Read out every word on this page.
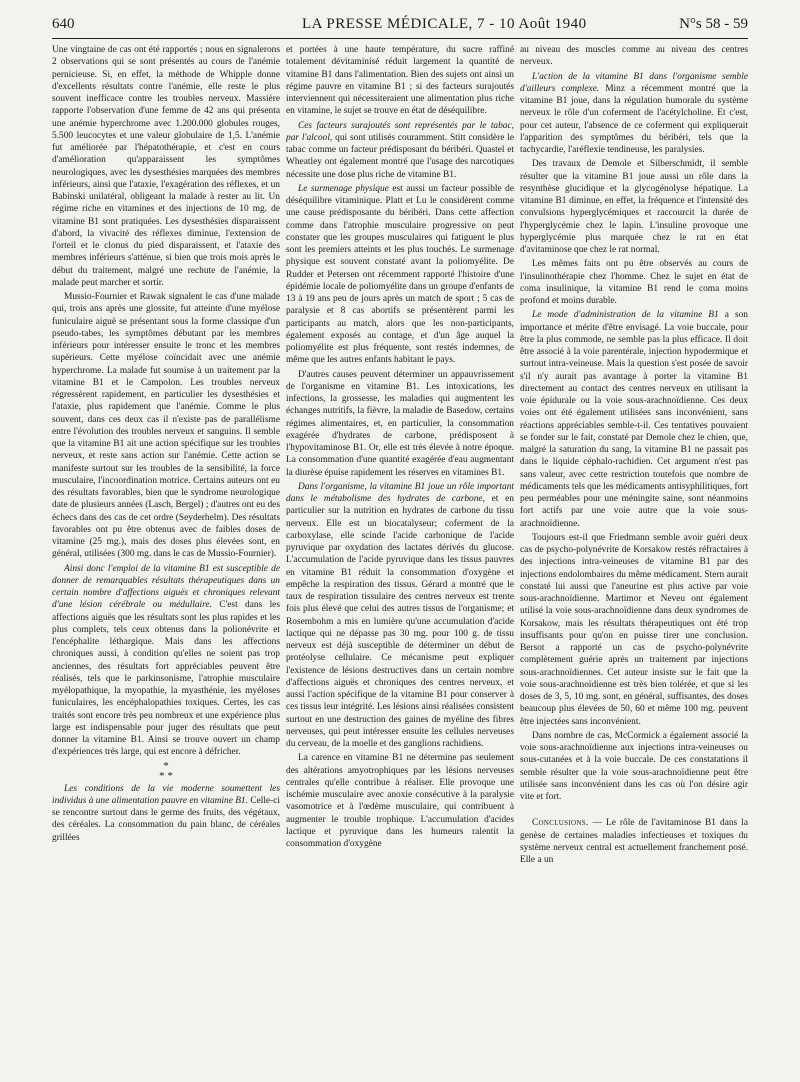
640	LA PRESSE MÉDICALE, 7 - 10 Août 1940	N°s 58 - 59

Une vingtaine de cas ont été rapportés ; nous en signalerons 2 observations qui se sont présentés au cours de l'anémie pernicieuse. Si, en effet, la méthode de Whipple donne d'excellents résultats contre l'anémie, elle reste le plus souvent inefficace contre les troubles nerveux. Massière rapporte l'observation d'une femme de 42 ans qui présenta une anémie hyperchrome avec 1.200.000 globules rouges, 5.500 leucocytes et une valeur globulaire de 1,5. L'anémie fut améliorée par l'hépatothérapie, et c'est en cours d'amélioration qu'apparaissent les symptômes neurologiques, avec les dysesthésies marquées des membres inférieurs, ainsi que l'ataxie, l'exagération des réflexes, et un Babinski unilatéral, obligeant la malade à rester au lit. Un régime riche en vitamines et des injections de 10 mg. de vitamine B1 sont pratiquées. Les dysesthésies disparaissent d'abord, la vivacité des réflexes diminue, l'extension de l'orteil et le clonus du pied disparaissent, et l'ataxie des membres inférieurs s'atténue, si bien que trois mois après le début du traitement, malgré une rechute de l'anémie, la malade peut marcher et sortir.

Mussio-Fournier et Rawak signalent le cas d'une malade qui, trois ans après une glossite, fut atteinte d'une myélose funiculaire aiguë se présentant sous la forme classique d'un pseudo-tabes, les symptômes débutant par les membres inférieurs pour intéresser ensuite le tronc et les membres supérieurs. Cette myélose coïncidait avec une anémie hyperchrome. La malade fut soumise à un traitement par la vitamine B1 et le Campolon. Les troubles nerveux régressèrent rapidement, en particulier les dysesthésies et l'ataxie, plus rapidement que l'anémie. Comme le plus souvent, dans ces deux cas il n'existe pas de parallélisme entre l'évolution des troubles nerveux et sanguins. Il semble que la vitamine B1 ait une action spécifique sur les troubles nerveux, et reste sans action sur l'anémie. Cette action se manifeste surtout sur les troubles de la sensibilité, la force musculaire, l'incoordination motrice. Certains auteurs ont eu des résultats favorables, bien que le syndrome neurologique date de plusieurs années (Lasch, Bergel) ; d'autres ont eu des échecs dans des cas de cet ordre (Seyderhelm). Des résultats favorables ont pu être obtenus avec de faibles doses de vitamine (25 mg.), mais des doses plus élevées sont, en général, utilisées (300 mg. dans le cas de Mussio-Fournier).

Ainsi donc l'emploi de la vitamine B1 est susceptible de donner de remarquables résultats thérapeutiques dans un certain nombre d'affections aiguës et chroniques relevant d'une lésion cérébrale ou médullaire. C'est dans les affections aiguës que les résultats sont les plus rapides et les plus complets, tels ceux obtenus dans la polionévrite et l'encéphalite léthargique. Mais dans les affections chroniques aussi, à condition qu'elles ne soient pas trop anciennes, des résultats fort appréciables peuvent être réalisés, tels que le parkinsonisme, l'atrophie musculaire myélopathique, la myopathie, la myasthénie, les myéloses funiculaires, les encéphalopathies toxiques. Certes, les cas traités sont encore très peu nombreux et une expérience plus large est indispensable pour juger des résultats que peut donner la vitamine B1. Ainsi se trouve ouvert un champ d'expériences très large, qui est encore à défricher.

*
* *

Les conditions de la vie moderne soumettent les individus à une alimentation pauvre en vitamine B1. Celle-ci se rencontre surtout dans le germe des fruits, des végétaux, des céréales. La consommation du pain blanc, de céréales grillées

et portées à une haute température, du sucre raffiné totalement dévitaminisé réduit largement la quantité de vitamine B1 dans l'alimentation. Bien des sujets ont ainsi un régime pauvre en vitamine B1 ; si des facteurs surajoutés interviennent qui nécessiteraient une alimentation plus riche en vitamine, le sujet se trouve en état de déséquilibre.

Ces facteurs surajoutés sont représentés par le tabac, par l'alcool, qui sont utilisés couramment. Stitt considère le tabac comme un facteur prédisposant du béribéri. Quastel et Wheatley ont également montré que l'usage des narcotiques nécessite une dose plus riche de vitamine B1.

Le surmenage physique est aussi un facteur possible de déséquilibre vitaminique. Platt et Lu le considèrent comme une cause prédisposante du béribéri. Dans cette affection comme dans l'atrophie musculaire progressive on peut constater que les groupes musculaires qui fatiguent le plus sont les premiers atteints et les plus touchés. Le surmenage physique est souvent constaté avant la poliomyélite. De Rudder et Petersen ont récemment rapporté l'histoire d'une épidémie locale de poliomyélite dans un groupe d'enfants de 13 à 19 ans peu de jours après un match de sport ; 5 cas de paralysie et 8 cas abortifs se présentèrent parmi les participants au match, alors que les non-participants, également exposés au contage, et d'un âge auquel la poliomyélite est plus fréquente, sont restés indemnes, de même que les autres enfants habitant le pays.

D'autres causes peuvent déterminer un appauvrissement de l'organisme en vitamine B1. Les intoxications, les infections, la grossesse, les maladies qui augmentent les échanges nutritifs, la fièvre, la maladie de Basedow, certains régimes alimentaires, et, en particulier, la consommation exagérée d'hydrates de carbone, prédisposent à l'hypovitaminose B1. Or, elle est très élevée à notre époque. La consommation d'une quantité exagérée d'eau augmentant la diurèse épuise rapidement les réserves en vitamines B1.

Dans l'organisme, la vitamine B1 joue un rôle important dans le métabolisme des hydrates de carbone, et en particulier sur la nutrition en hydrates de carbone du tissu nerveux. Elle est un biocatalyseur; coferment de la carboxylase, elle scinde l'acide carbonique de l'acide pyruvique par oxydation des lactates dérivés du glucose. L'accumulation de l'acide pyruvique dans les tissus pauvres en vitamine B1 réduit la consommation d'oxygène et empêche la respiration des tissus. Gérard a montré que le taux de respiration tissulaire des centres nerveux est trente fois plus élevé que celui des autres tissus de l'organisme; et Rosembohm a mis en lumière qu'une accumulation d'acide lactique qui ne dépasse pas 30 mg. pour 100 g. de tissu nerveux est déjà susceptible de déterminer un début de protéolyse cellulaire. Ce mécanisme peut expliquer l'existence de lésions destructives dans un certain nombre d'affections aiguës et chroniques des centres nerveux, et aussi l'action spécifique de la vitamine B1 pour conserver à ces tissus leur intégrité. Les lésions ainsi réalisées consistent surtout en une destruction des gaines de myéline des fibres nerveuses, qui peut intéresser ensuite les cellules nerveuses du cerveau, de la moelle et des ganglions rachidiens.

La carence en vitamine B1 ne détermine pas seulement des altérations amyotrophiques par les lésions nerveuses centrales qu'elle contribue à réaliser. Elle provoque une ischémie musculaire avec anoxie consécutive à la paralysie vasomotrice et à l'œdème musculaire, qui contribuent à augmenter le trouble trophique. L'accumulation d'acides lactique et pyruvique dans les humeurs ralentit la consommation d'oxygène

au niveau des muscles comme au niveau des centres nerveux.

L'action de la vitamine B1 dans l'organisme semble d'ailleurs complexe. Minz a récemment montré que la vitamine B1 joue, dans la régulation humorale du système nerveux le rôle d'un coferment de l'acétylcholine. Et c'est, pour cet auteur, l'absence de ce coferment qui expliquerait l'apparition des symptômes du béribéri, tels que la tachycardie, l'aréflexie tendineuse, les paralysies.

Des travaux de Demole et Silberschmidt, il semble résulter que la vitamine B1 joue aussi un rôle dans la resynthèse glucidique et la glycogénolyse hépatique. La vitamine B1 diminue, en effet, la fréquence et l'intensité des convulsions hyperglycémiques et raccourcit la durée de l'hyperglycémie chez le lapin. L'insuline provoque une hyperglycémie plus marquée chez le rat en état d'avitaminose que chez le rat normal.

Les mêmes faits ont pu être observés au cours de l'insulinothérapie chez l'homme. Chez le sujet en état de coma insulinique, la vitamine B1 rend le coma moins profond et moins durable.

Le mode d'administration de la vitamine B1 a son importance et mérite d'être envisagé. La voie buccale, pour être la plus commode, ne semble pas la plus efficace. Il doit être associé à la voie parentérale, injection hypodermique et surtout intra-veineuse. Mais la question s'est posée de savoir s'il n'y aurait pas avantage à porter la vitamine B1 directement au contact des centres nerveux en utilisant la voie épidurale ou la voie sous-arachnoïdienne. Ces deux voies ont été également utilisées sans inconvénient, sans réactions appréciables semble-t-il. Ces tentatives pouvaient se fonder sur le fait, constaté par Demole chez le chien, que, malgré la saturation du sang, la vitamine B1 ne passait pas dans le liquide céphalo-rachidien. Cet argument n'est pas sans valeur, avec cette restriction toutefois que nombre de médicaments tels que les médicaments antisyphilitiques, fort peu perméables pour une méningite saine, sont néanmoins fort actifs par une voie autre que la voie sous-arachnoïdienne.

Toujours est-il que Friedmann semble avoir guéri deux cas de psycho-polynévrite de Korsakow restés réfractaires à des injections intra-veineuses de vitamine B1 par des injections endolombaires du même médicament. Stern aurait constaté lui aussi que l'aneurine est plus active par voie sous-arachnoïdienne. Martimor et Neveu ont également utilisé la voie sous-arachnoïdienne dans deux syndromes de Korsakow, mais les résultats thérapeutiques ont été trop insuffisants pour qu'on en puisse tirer une conclusion. Bersot a rapporté un cas de psycho-polynévrite complètement guérie après un traitement par injections sous-arachnoïdiennes. Cet auteur insiste sur le fait que la voie sous-arachnoïdienne est très bien tolérée, et que si les doses de 3, 5, 10 mg. sont, en général, suffisantes, des doses beaucoup plus élevées de 50, 60 et même 100 mg. peuvent être injectées sans inconvénient.

Dans nombre de cas, McCormick a également associé la voie sous-arachnoïdienne aux injections intra-veineuses ou sous-cutanées et à la voie buccale. De ces constatations il semble résulter que la voie sous-arachnoïdienne peut être utilisée sans inconvénient dans les cas où l'on désire agir vite et fort.

Conclusions. — Le rôle de l'avitaminose B1 dans la genèse de certaines maladies infectieuses et toxiques du système nerveux central est actuellement franchement posé. Elle a un
